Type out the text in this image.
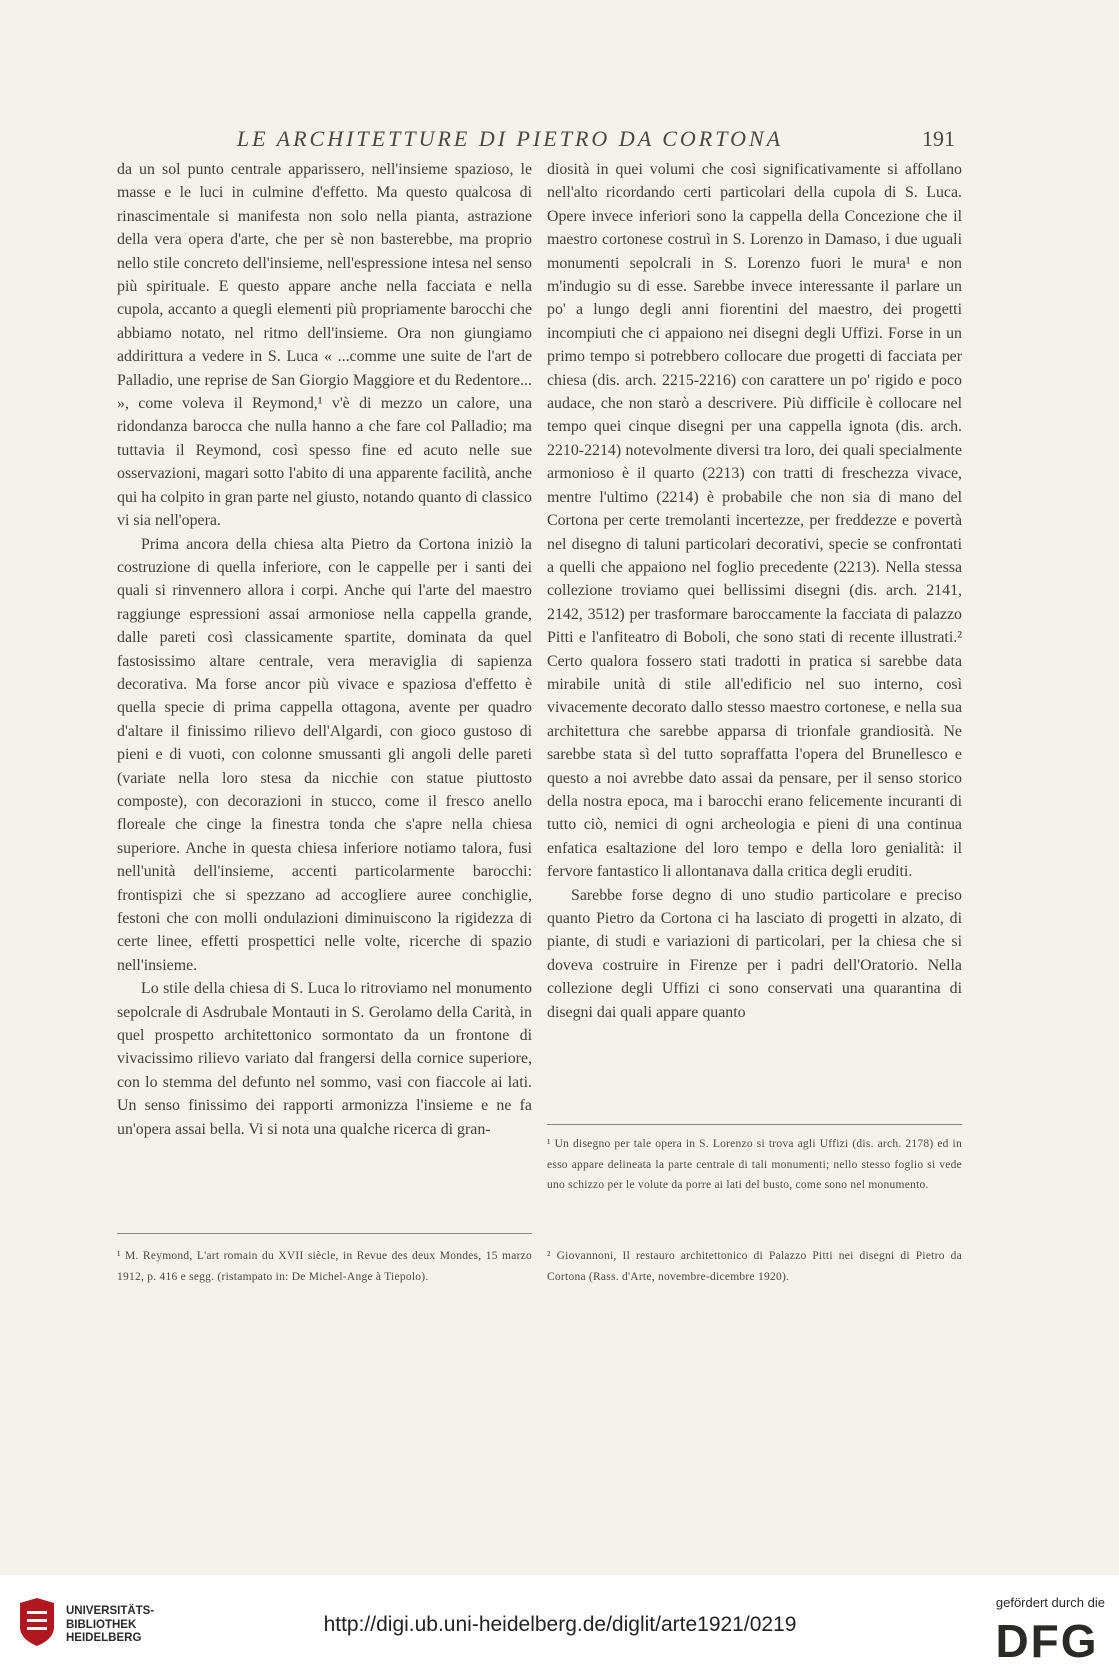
LE ARCHITETTURE DI PIETRO DA CORTONA	191

da un sol punto centrale apparissero, nell'insieme spazioso, le masse e le luci in culmine d'effetto. Ma questo qualcosa di rinascimentale si manifesta non solo nella pianta, astrazione della vera opera d'arte, che per sè non basterebbe, ma proprio nello stile concreto dell'insieme, nell'espressione intesa nel senso più spirituale. E questo appare anche nella facciata e nella cupola, accanto a quegli elementi più propriamente barocchi che abbiamo notato, nel ritmo dell'insieme. Ora non giungiamo addirittura a vedere in S. Luca « ...comme une suite de l'art de Palladio, une reprise de San Giorgio Maggiore et du Redentore... », come voleva il Reymond,¹ v'è di mezzo un calore, una ridondanza barocca che nulla hanno a che fare col Palladio; ma tuttavia il Reymond, così spesso fine ed acuto nelle sue osservazioni, magari sotto l'abito di una apparente facilità, anche qui ha colpito in gran parte nel giusto, notando quanto di classico vi sia nell'opera.

Prima ancora della chiesa alta Pietro da Cortona iniziò la costruzione di quella inferiore, con le cappelle per i santi dei quali si rinvennero allora i corpi. Anche qui l'arte del maestro raggiunge espressioni assai armoniose nella cappella grande, dalle pareti così classicamente spartite, dominata da quel fastosissimo altare centrale, vera meraviglia di sapienza decorativa. Ma forse ancor più vivace e spaziosa d'effetto è quella specie di prima cappella ottagona, avente per quadro d'altare il finissimo rilievo dell'Algardi, con gioco gustoso di pieni e di vuoti, con colonne smussanti gli angoli delle pareti (variate nella loro stesa da nicchie con statue piuttosto composte), con decorazioni in stucco, come il fresco anello floreale che cinge la finestra tonda che s'apre nella chiesa superiore. Anche in questa chiesa inferiore notiamo talora, fusi nell'unità dell'insieme, accenti particolarmente barocchi: frontispizi che si spezzano ad accogliere auree conchiglie, festoni che con molli ondulazioni diminuiscono la rigidezza di certe linee, effetti prospettici nelle volte, ricerche di spazio nell'insieme.

Lo stile della chiesa di S. Luca lo ritroviamo nel monumento sepolcrale di Asdrubale Montauti in S. Gerolamo della Carità, in quel prospetto architettonico sormontato da un frontone di vivacissimo rilievo variato dal frangersi della cornice superiore, con lo stemma del defunto nel sommo, vasi con fiaccole ai lati. Un senso finissimo dei rapporti armonizza l'insieme e ne fa un'opera assai bella. Vi si nota una qualche ricerca di gran-

¹ M. Reymond, L'art romain du XVII siècle, in Revue des deux Mondes, 15 marzo 1912, p. 416 e segg. (ristampato in: De Michel-Ange à Tiepolo).

diosità in quei volumi che così significativamente si affollano nell'alto ricordando certi particolari della cupola di S. Luca. Opere invece inferiori sono la cappella della Concezione che il maestro cortonese costruì in S. Lorenzo in Damaso, i due uguali monumenti sepolcrali in S. Lorenzo fuori le mura¹ e non m'indugio su di esse. Sarebbe invece interessante il parlare un po' a lungo degli anni fiorentini del maestro, dei progetti incompiuti che ci appaiono nei disegni degli Uffizi. Forse in un primo tempo si potrebbero collocare due progetti di facciata per chiesa (dis. arch. 2215-2216) con carattere un po' rigido e poco audace, che non starò a descrivere. Più difficile è collocare nel tempo quei cinque disegni per una cappella ignota (dis. arch. 2210-2214) notevolmente diversi tra loro, dei quali specialmente armonioso è il quarto (2213) con tratti di freschezza vivace, mentre l'ultimo (2214) è probabile che non sia di mano del Cortona per certe tremolanti incertezze, per freddezze e povertà nel disegno di taluni particolari decorativi, specie se confrontati a quelli che appaiono nel foglio precedente (2213). Nella stessa collezione troviamo quei bellissimi disegni (dis. arch. 2141, 2142, 3512) per trasformare baroccamente la facciata di palazzo Pitti e l'anfiteatro di Boboli, che sono stati di recente illustrati.² Certo qualora fossero stati tradotti in pratica si sarebbe data mirabile unità di stile all'edificio nel suo interno, così vivacemente decorato dallo stesso maestro cortonese, e nella sua architettura che sarebbe apparsa di trionfale grandiosità. Ne sarebbe stata sì del tutto sopraffatta l'opera del Brunellesco e questo a noi avrebbe dato assai da pensare, per il senso storico della nostra epoca, ma i barocchi erano felicemente incuranti di tutto ciò, nemici di ogni archeologia e pieni di una continua enfatica esaltazione del loro tempo e della loro genialità: il fervore fantastico li allontanava dalla critica degli eruditi.

Sarebbe forse degno di uno studio particolare e preciso quanto Pietro da Cortona ci ha lasciato di progetti in alzato, di piante, di studi e variazioni di particolari, per la chiesa che si doveva costruire in Firenze per i padri dell'Oratorio. Nella collezione degli Uffizi ci sono conservati una quarantina di disegni dai quali appare quanto

¹ Un disegno per tale opera in S. Lorenzo si trova agli Uffizi (dis. arch. 2178) ed in esso appare delineata la parte centrale di tali monumenti; nello stesso foglio si vede uno schizzo per le volute da porre ai lati del busto, come sono nel monumento.

² Giovannoni, Il restauro architettonico di Palazzo Pitti nei disegni di Pietro da Cortona (Rass. d'Arte, novembre-dicembre 1920).

UNIVERSITÄTS-
BIBLIOTHEK
HEIDELBERG
http://digi.ub.uni-heidelberg.de/diglit/arte1921/0219
gefördert durch die
DFG
